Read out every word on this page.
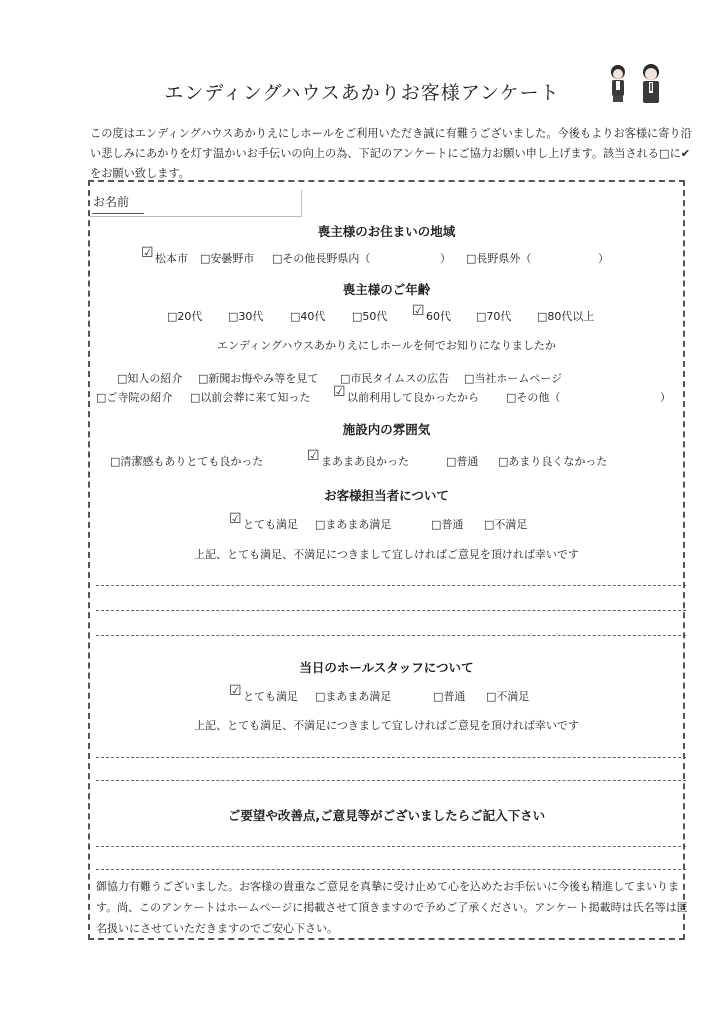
エンディングハウスあかりお客様アンケート
この度はエンディングハウスあかりえにしホールをご利用いただき誠に有難うございました。今後もよりお客様に寄り沿い悲しみにあかりを灯す温かいお手伝いの向上の為、下記のアンケートにご協力お願い申し上げます。該当される□に✔をお願い致します。
お名前
喪主様のお住まいの地域
☑ 松本市 □安曇野市 □その他長野県内（	） □長野県外（	）
喪主様のご年齢
□20代 □30代 □40代 □50代 ☑ 60代 □70代 □80代以上
エンディングハウスあかりえにしホールを何でお知りになりましたか
□知人の紹介 □新聞お悔やみ等を見て □市民タイムスの広告 □当社ホームページ
□ご寺院の紹介 □以前会葬に来て知った ☑ 以前利用して良かったから □その他（	）
施設内の雰囲気
□清潔感もありとても良かった	☑ まあまあ良かった	□普通 □あまり良くなかった
お客様担当者について
☑ とても満足 □まあまあ満足	□普通 □不満足
上記、とても満足、不満足につきまして宜しければご意見を頂ければ幸いです
当日のホールスタッフについて
☑ とても満足 □まあまあ満足	□普通 □不満足
上記、とても満足、不満足につきまして宜しければご意見を頂ければ幸いです
ご要望や改善点,ご意見等がございましたらご記入下さい
御協力有難うございました。お客様の貴重なご意見を真摯に受け止めて心を込めたお手伝いに今後も精進してまいります。尚、このアンケートはホームページに掲載させて頂きますので予めご了承ください。アンケート掲載時は氏名等は匿名扱いにさせていただきますのでご安心下さい。
